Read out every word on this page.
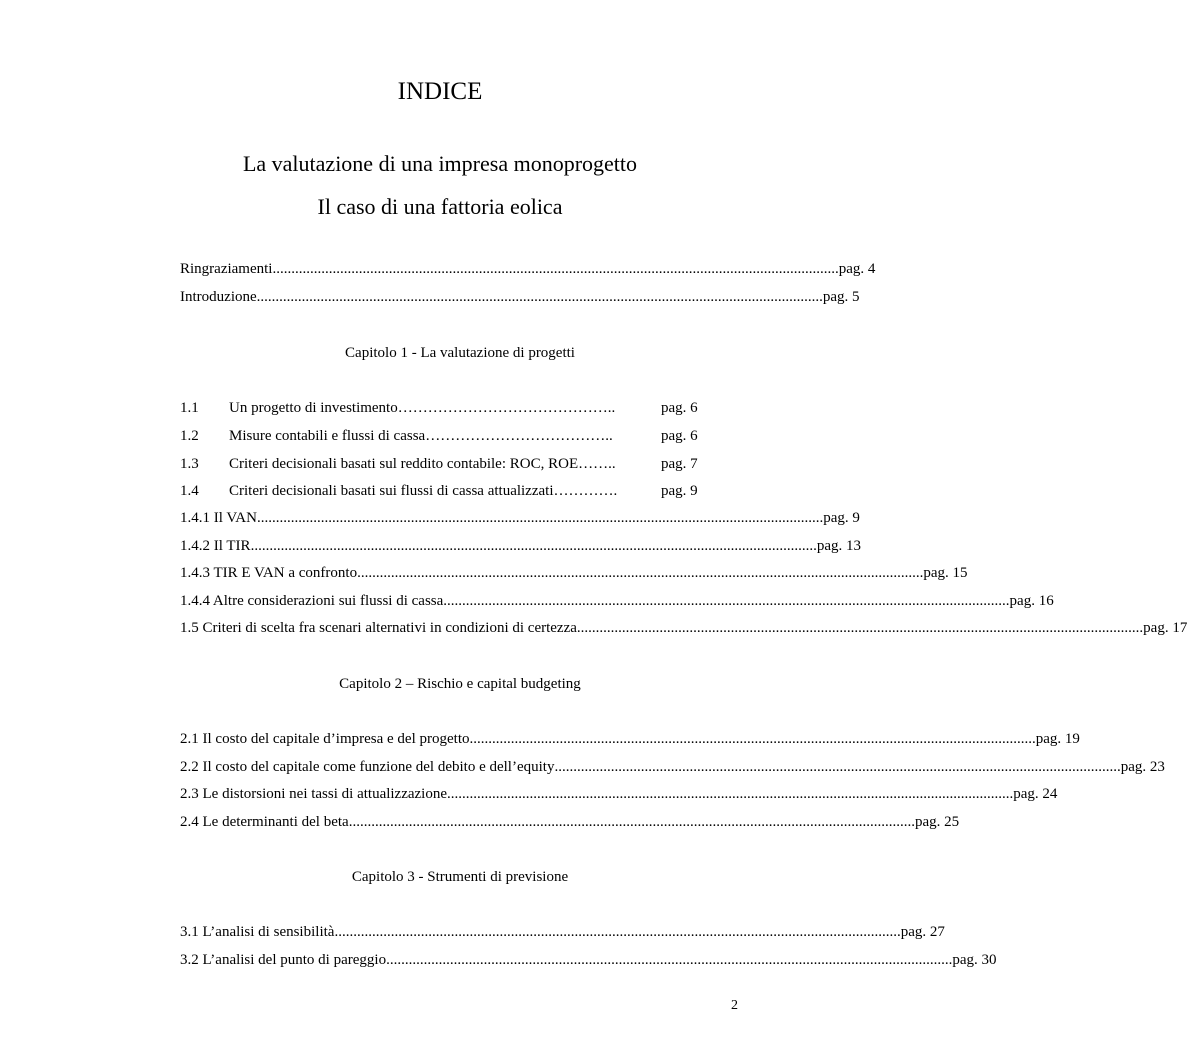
INDICE
La valutazione di una impresa monoprogetto
Il caso di una fattoria eolica
Ringraziamenti ....................................................................................................................................................... pag. 4
Introduzione ....................................................................................................................................................... pag. 5
Capitolo 1 - La valutazione di progetti
1.1 Un progetto di investimento……………………………………..	pag. 6
1.2 Misure contabili e flussi di cassa………………………………..	pag. 6
1.3 Criteri decisionali basati sul reddito contabile: ROC, ROE……..	pag. 7
1.4 Criteri decisionali basati sui flussi di cassa attualizzati………….	pag. 9
1.4.1 Il VAN ....................................................................................................................................................... pag. 9
1.4.2 Il TIR ....................................................................................................................................................... pag. 13
1.4.3 TIR E VAN a confronto ....................................................................................................................................................... pag. 15
1.4.4 Altre considerazioni sui flussi di cassa ....................................................................................................................................................... pag. 16
1.5 Criteri di scelta fra scenari alternativi in condizioni di certezza ....................................................................................................................................................... pag. 17
Capitolo 2 – Rischio e capital budgeting
2.1 Il costo del capitale d’impresa e del progetto ....................................................................................................................................................... pag. 19
2.2 Il costo del capitale come funzione del debito e dell’equity ....................................................................................................................................................... pag. 23
2.3 Le distorsioni nei tassi di attualizzazione ....................................................................................................................................................... pag. 24
2.4 Le determinanti del beta ....................................................................................................................................................... pag. 25
Capitolo 3 - Strumenti di previsione
3.1 L’analisi di sensibilità ....................................................................................................................................................... pag. 27
3.2 L’analisi del punto di pareggio ....................................................................................................................................................... pag. 30
2
